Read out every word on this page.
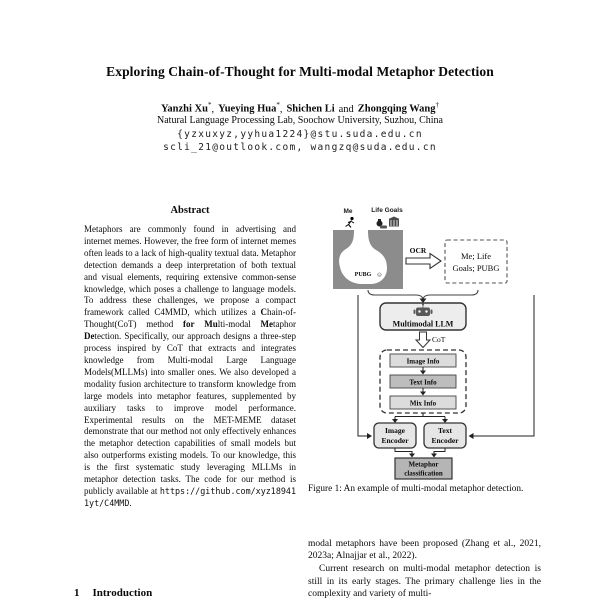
Exploring Chain-of-Thought for Multi-modal Metaphor Detection
Yanzhi Xu*, Yueying Hua*, Shichen Li and Zhongqing Wang†
Natural Language Processing Lab, Soochow University, Suzhou, China
{yzxuxyz,yyhua1224}@stu.suda.edu.cn
scli_21@outlook.com, wangzq@suda.edu.cn
Abstract
Metaphors are commonly found in advertising and internet memes. However, the free form of internet memes often leads to a lack of high-quality textual data. Metaphor detection demands a deep interpretation of both textual and visual elements, requiring extensive common-sense knowledge, which poses a challenge to language models. To address these challenges, we propose a compact framework called C4MMD, which utilizes a Chain-of-Thought(CoT) method for Multi-modal Metaphor Detection. Specifically, our approach designs a three-step process inspired by CoT that extracts and integrates knowledge from Multi-modal Large Language Models(MLLMs) into smaller ones. We also developed a modality fusion architecture to transform knowledge from large models into metaphor features, supplemented by auxiliary tasks to improve model performance. Experimental results on the MET-MEME dataset demonstrate that our method not only effectively enhances the metaphor detection capabilities of small models but also outperforms existing models. To our knowledge, this is the first systematic study leveraging MLLMs in metaphor detection tasks. The code for our method is publicly available at https://github.com/xyz189411yt/C4MMD.
1 Introduction
Me	Life Goals
PUBG ☺
OCR
Me; Life
Goals; PUBG
Multimodal LLM
CoT
Image Info
Text Info
Mix Info
Image
Encoder
Text
Encoder
Metaphor
classification
Figure 1: An example of multi-modal metaphor detection.

modal metaphors have been proposed (Zhang et al., 2021, 2023a; Alnajjar et al., 2022).

Current research on multi-modal metaphor detection is still in its early stages. The primary challenge lies in the complexity and variety of multi-
